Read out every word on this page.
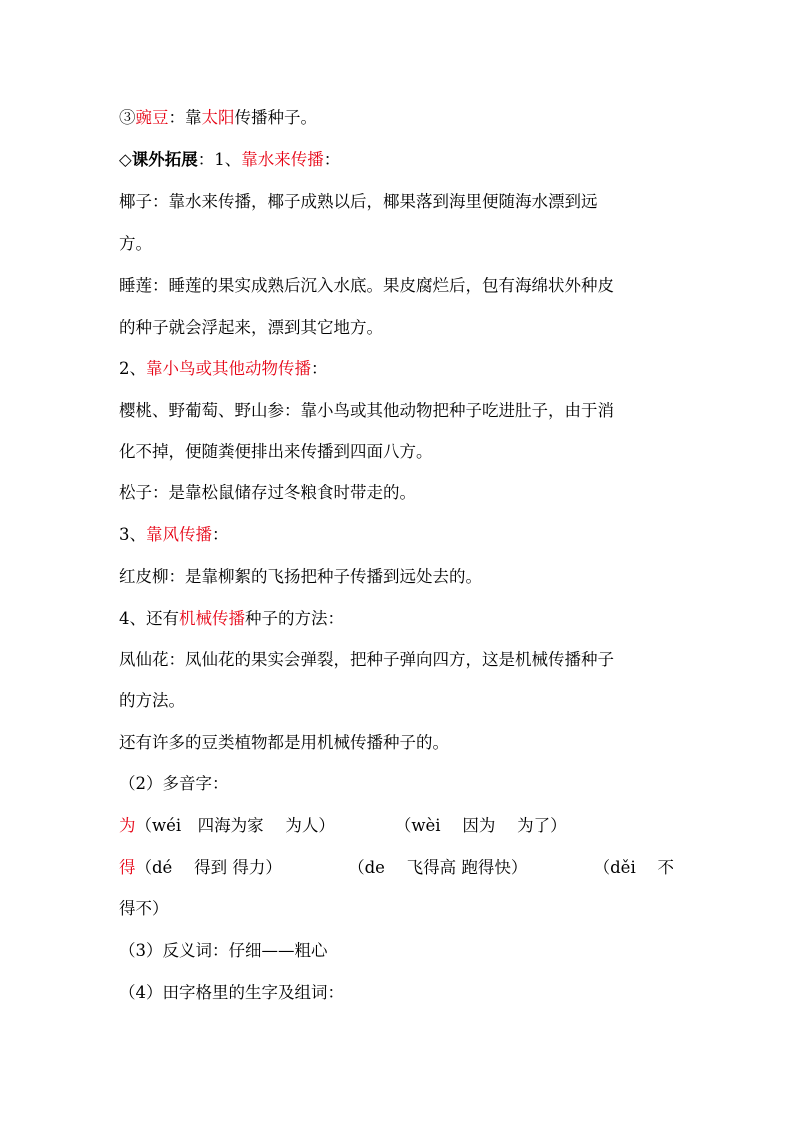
③豌豆：靠太阳传播种子。
◇课外拓展：1、靠水来传播：
椰子：靠水来传播，椰子成熟以后，椰果落到海里便随海水漂到远
方。
睡莲：睡莲的果实成熟后沉入水底。果皮腐烂后，包有海绵状外种皮
的种子就会浮起来，漂到其它地方。
2、靠小鸟或其他动物传播：
樱桃、野葡萄、野山参：靠小鸟或其他动物把种子吃进肚子，由于消
化不掉，便随粪便排出来传播到四面八方。
松子：是靠松鼠储存过冬粮食时带走的。
3、靠风传播：
红皮柳：是靠柳絮的飞扬把种子传播到远处去的。
4、还有机械传播种子的方法：
凤仙花：凤仙花的果实会弹裂，把种子弹向四方，这是机械传播种子
的方法。
还有许多的豆类植物都是用机械传播种子的。
（2）多音字：
为（wéi　四海为家　 为人）	（wèi　 因为　 为了）
得（dé　 得到 得力）	（de　 飞得高 跑得快）	（děi　 不
得不）
（3）反义词：仔细——粗心
（4）田字格里的生字及组词：
